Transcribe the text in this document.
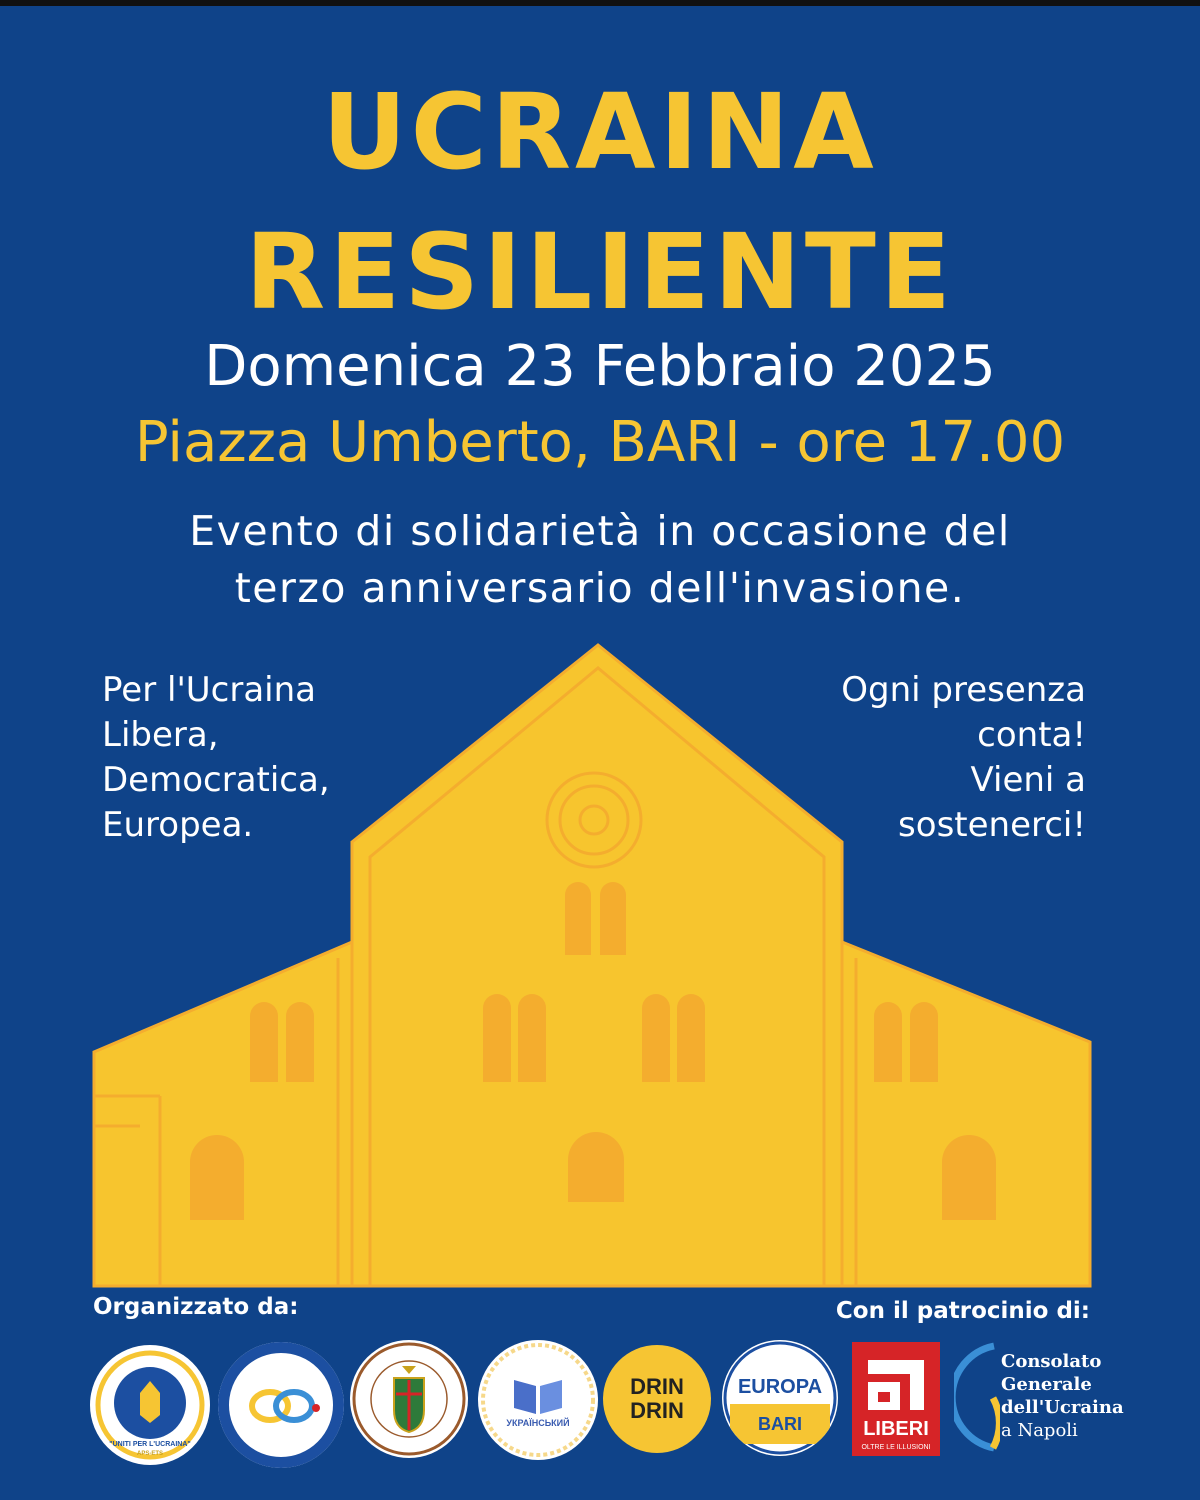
UCRAINA
RESILIENTE
Domenica 23 Febbraio 2025
Piazza Umberto, BARI - ore 17.00
Evento di solidarietà in occasione del
terzo anniversario dell'invasione.
Per l'Ucraina
Libera,
Democratica,
Europea.
Ogni presenza
conta!
Vieni a
sostenerci!
Organizzato da:	Con il patrocinio di:
"UNITI PER L'UCRAINA"
APS-ETS
УКРАЇНСЬКИЙ
DRIN
DRIN
EUROPA
BARI	LIBERI
OLTRE LE ILLUSIONI
Consolato
Generale
dell'Ucraina
a Napoli
